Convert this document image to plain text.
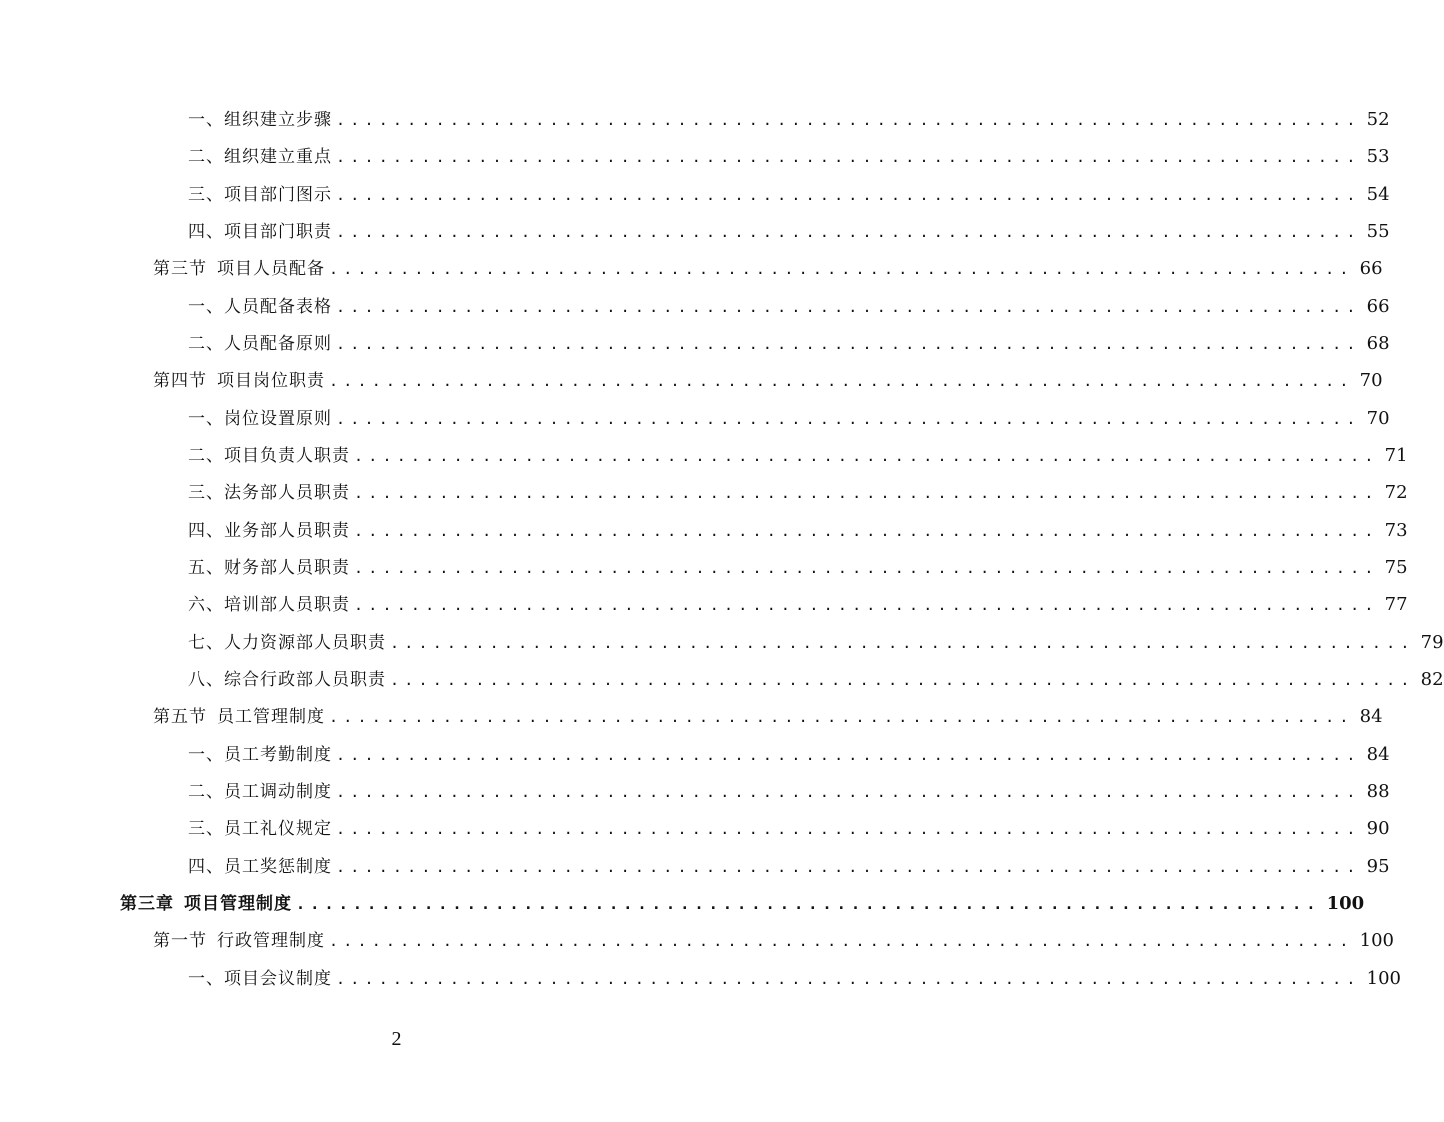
一、组织建立步骤 ........................................................................ 52
二、组织建立重点 ........................................................................ 53
三、项目部门图示 ........................................................................ 54
四、项目部门职责 ........................................................................ 55
第三节 项目人员配备 ........................................................................ 66
一、人员配备表格 ........................................................................ 66
二、人员配备原则 ........................................................................ 68
第四节 项目岗位职责 ........................................................................ 70
一、岗位设置原则 ........................................................................ 70
二、项目负责人职责 ........................................................................ 71
三、法务部人员职责 ........................................................................ 72
四、业务部人员职责 ........................................................................ 73
五、财务部人员职责 ........................................................................ 75
六、培训部人员职责 ........................................................................ 77
七、人力资源部人员职责 ........................................................................ 79
八、综合行政部人员职责 ........................................................................ 82
第五节 员工管理制度 ........................................................................ 84
一、员工考勤制度 ........................................................................ 84
二、员工调动制度 ........................................................................ 88
三、员工礼仪规定 ........................................................................ 90
四、员工奖惩制度 ........................................................................ 95
第三章 项目管理制度 ........................................................................ 100
第一节 行政管理制度 ........................................................................ 100
一、项目会议制度 ........................................................................ 100
2
